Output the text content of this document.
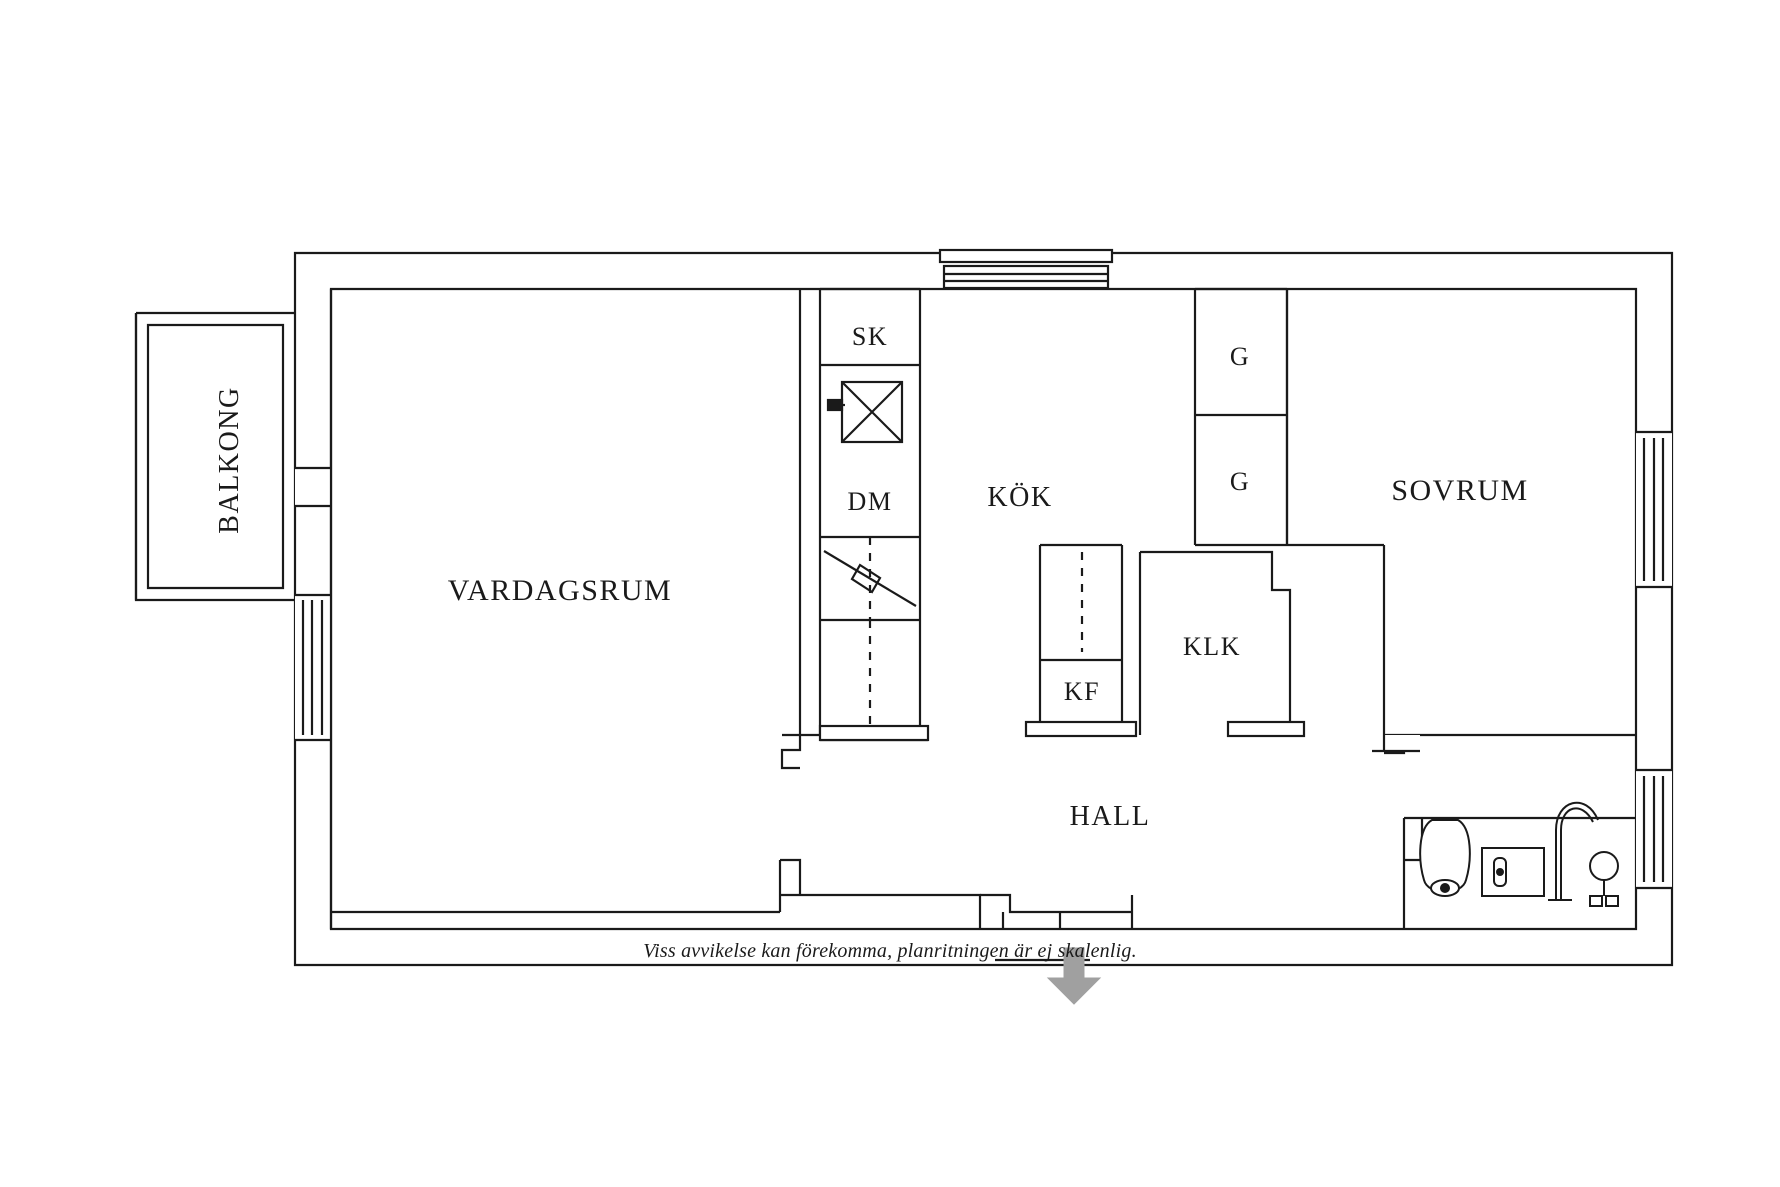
BALKONG
VARDAGSRUM
SK
DM	KÖK
KF
KLK
G
G	SOVRUM
HALL
Viss avvikelse kan förekomma, planritningen är ej skalenlig.
